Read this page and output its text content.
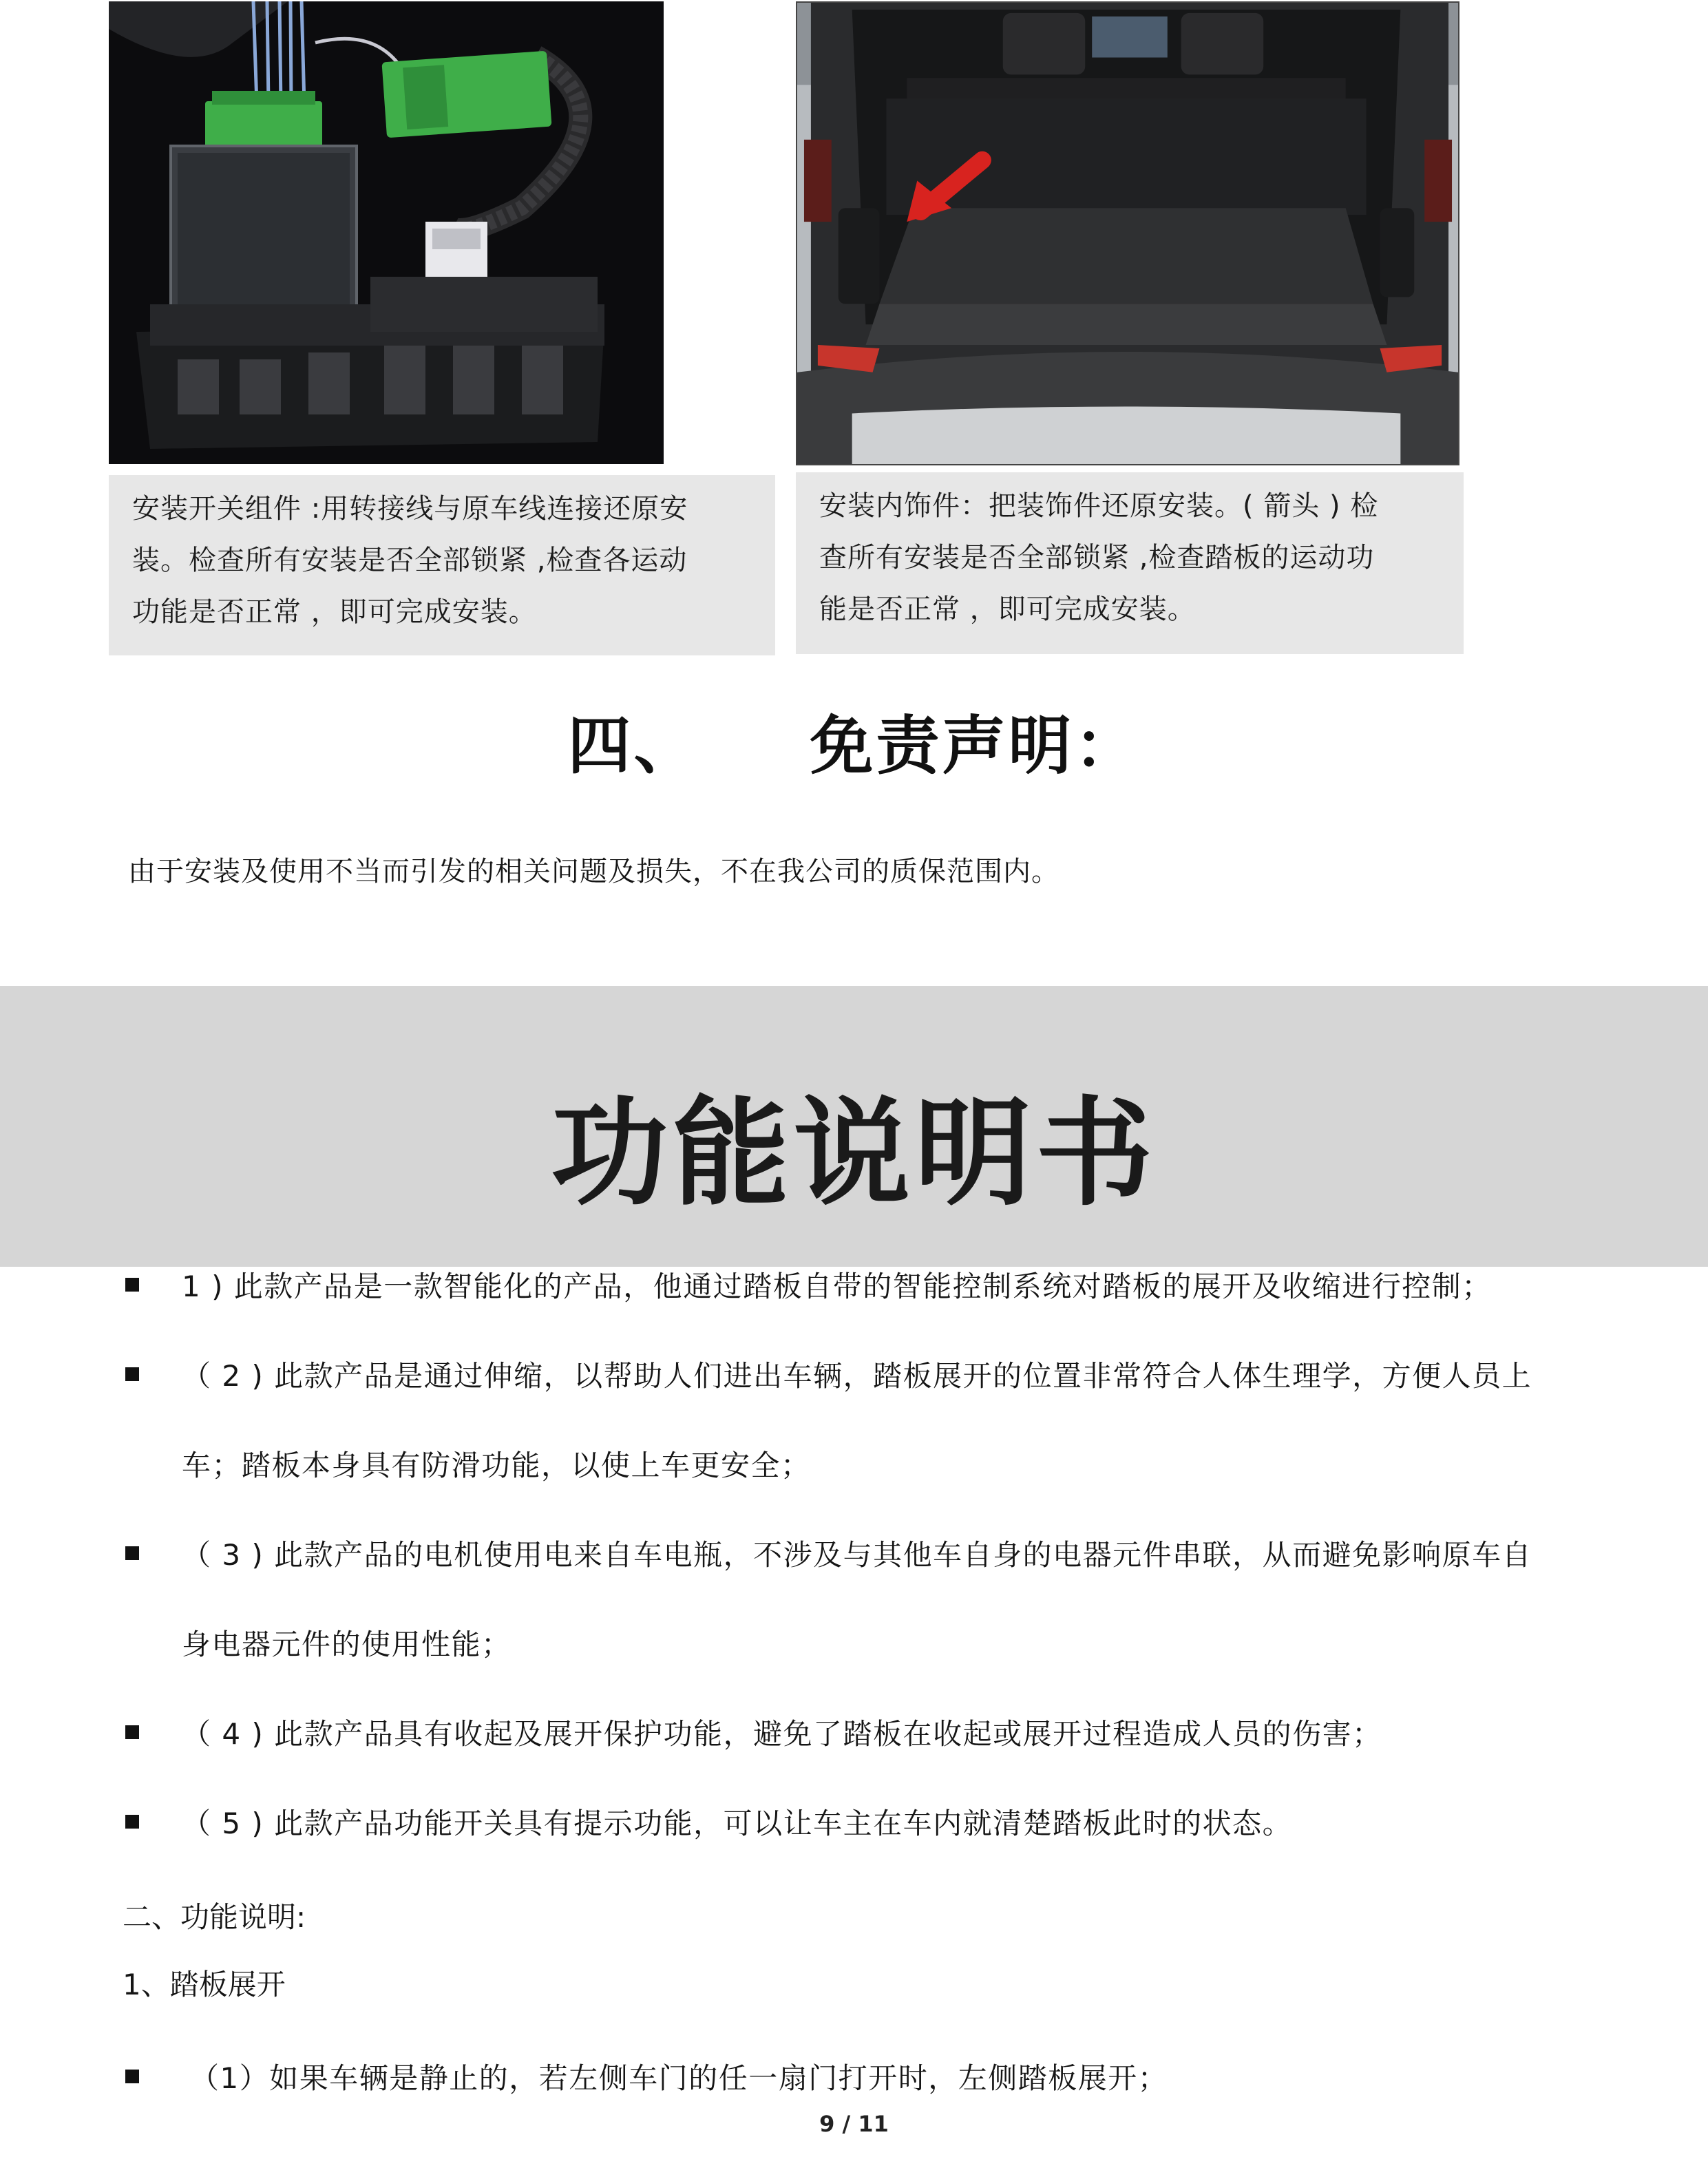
安装开关组件 :用转接线与原车线连接还原安

装。检查所有安装是否全部锁紧 ,检查各运动

功能是否正常 ，即可完成安装。

安装内饰件：把装饰件还原安装。( 箭头 ) 检

查所有安装是否全部锁紧 ,检查踏板的运动功

能是否正常 ，即可完成安装。

四、 免责声明：
由于安装及使用不当而引发的相关问题及损失，不在我公司的质保范围内。
功能说明书
1 ) 此款产品是一款智能化的产品，他通过踏板自带的智能控制系统对踏板的展开及收缩进行控制；
（ 2 ) 此款产品是通过伸缩，以帮助人们进出车辆，踏板展开的位置非常符合人体生理学，方便人员上
车；踏板本身具有防滑功能，以使上车更安全；
（ 3 ) 此款产品的电机使用电来自车电瓶，不涉及与其他车自身的电器元件串联，从而避免影响原车自
身电器元件的使用性能；
（ 4 ) 此款产品具有收起及展开保护功能，避免了踏板在收起或展开过程造成人员的伤害；
（ 5 ) 此款产品功能开关具有提示功能，可以让车主在车内就清楚踏板此时的状态。
二、功能说明:
1、踏板展开
（1）如果车辆是静止的，若左侧车门的任一扇门打开时，左侧踏板展开；
9 / 11
